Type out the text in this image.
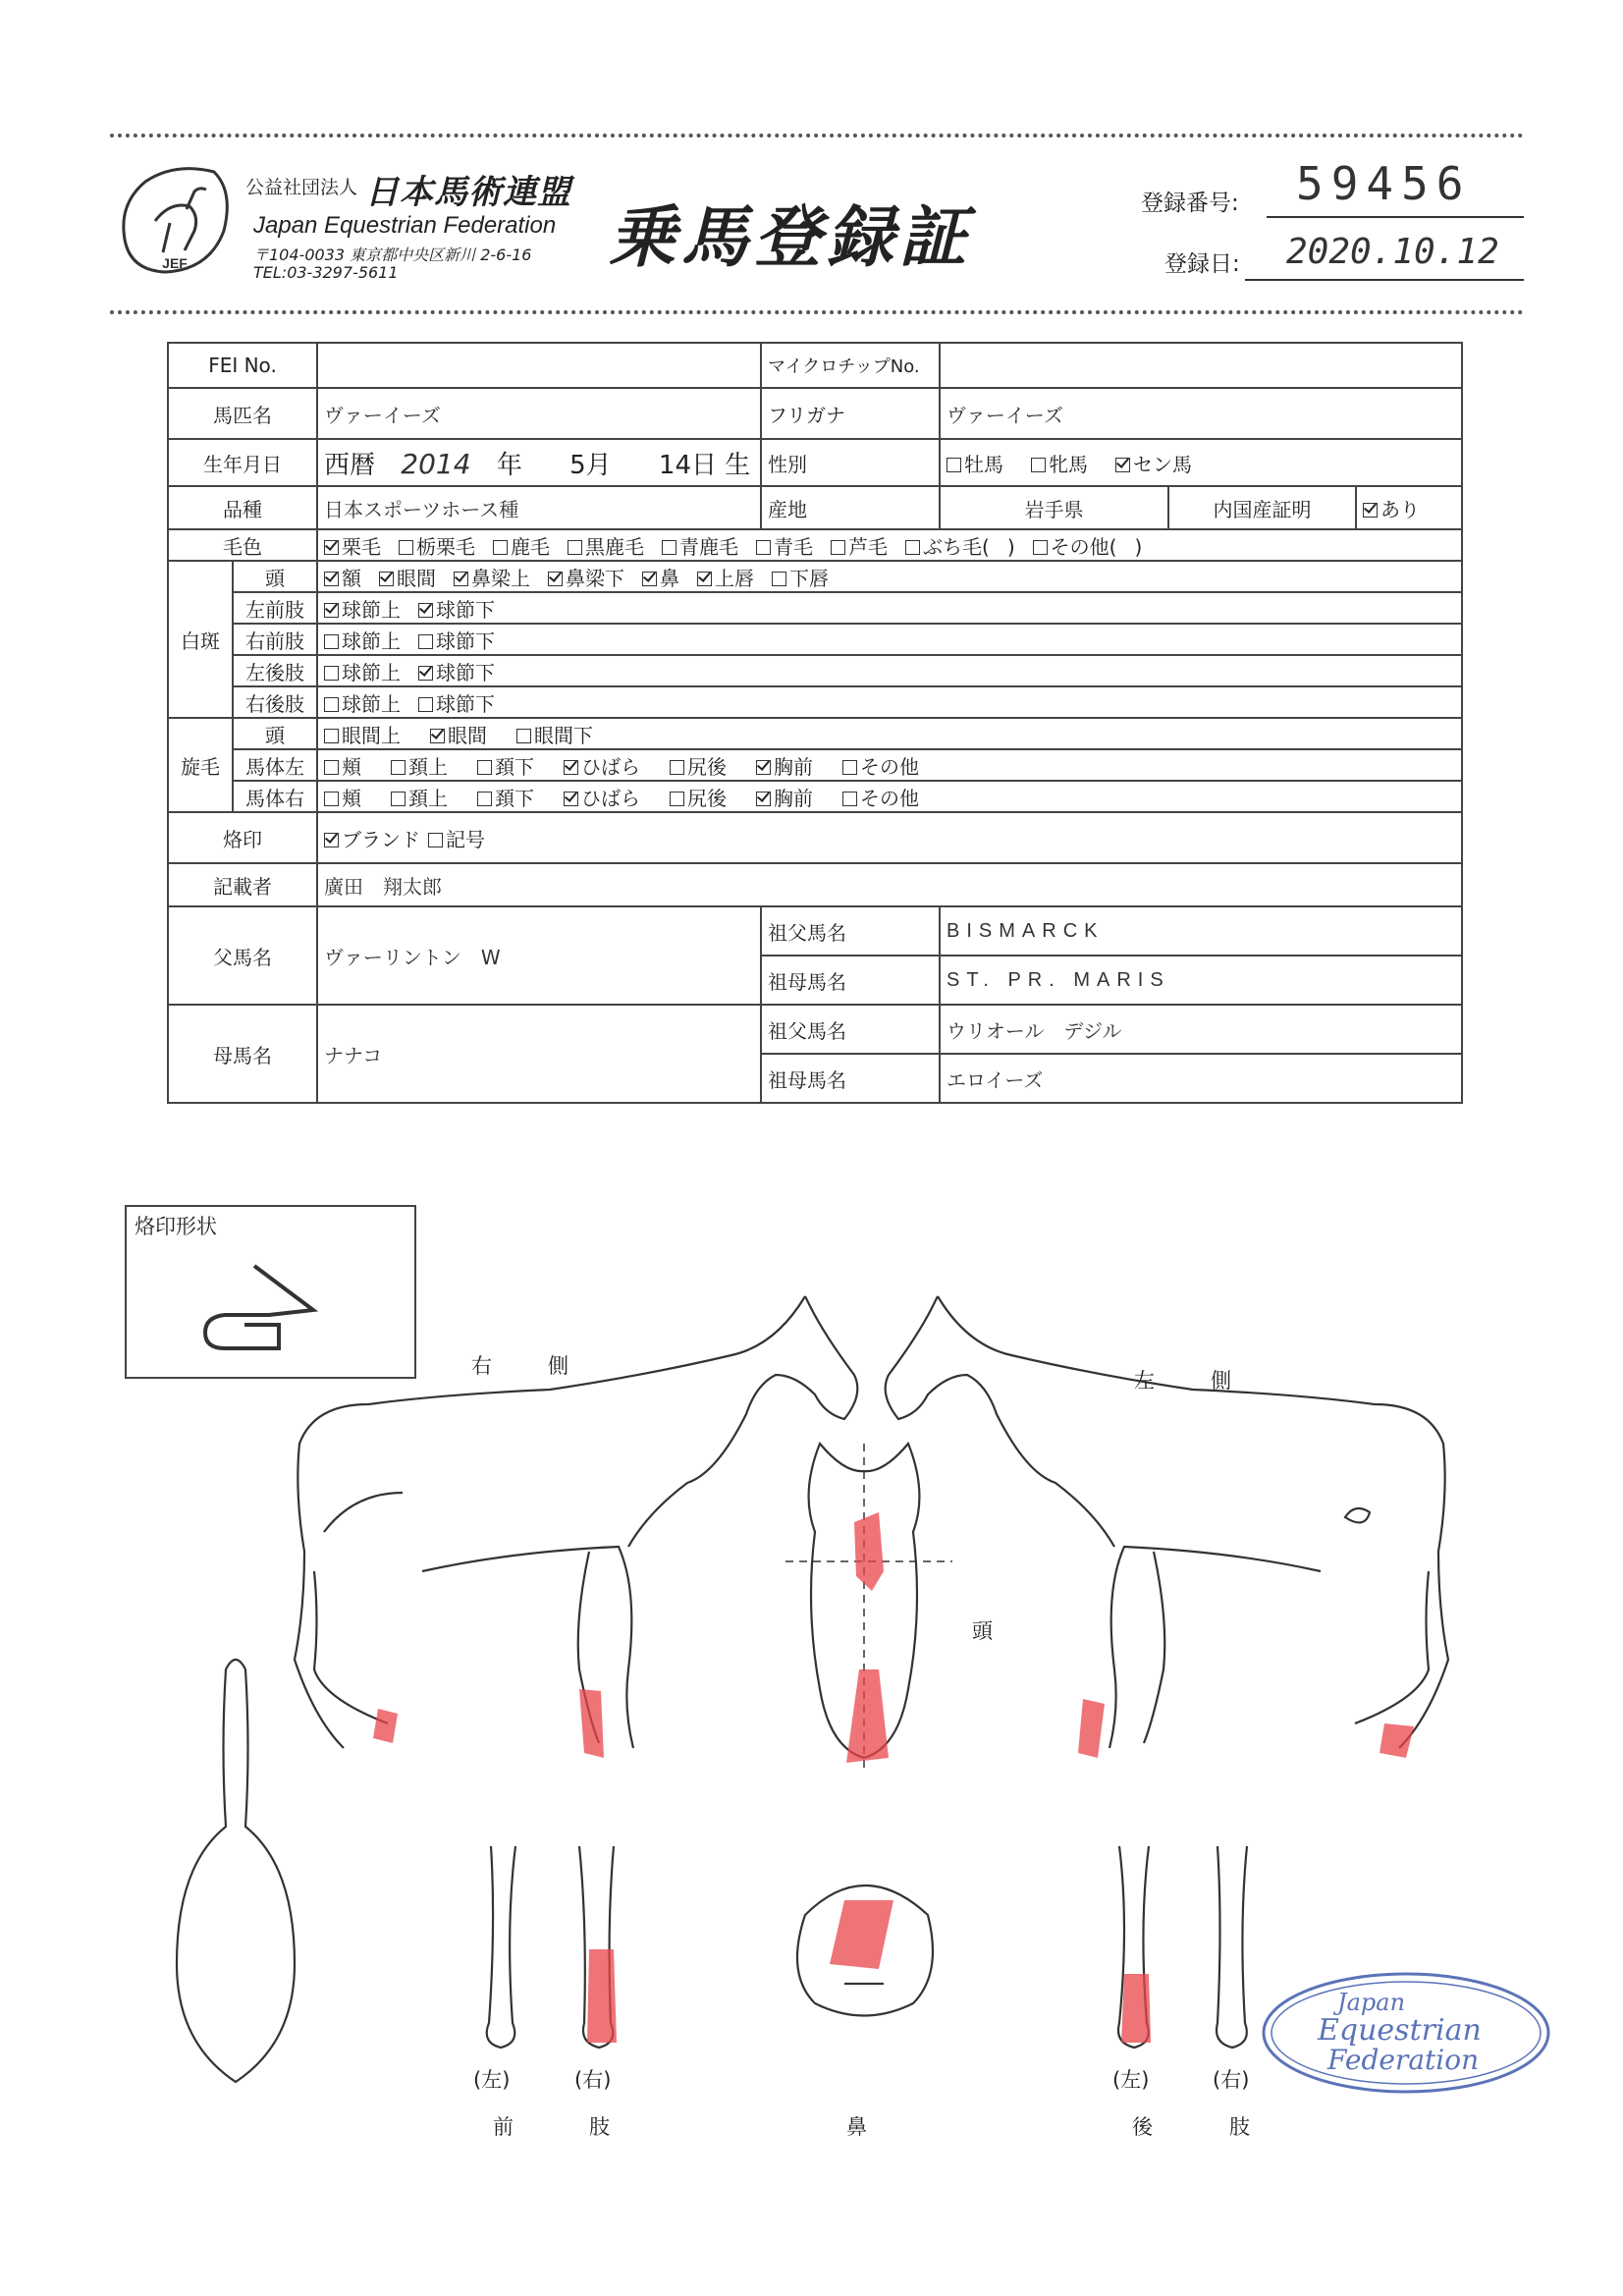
JEF
公益社団法人 日本馬術連盟
Japan Equestrian Federation
〒104-0033 東京都中央区新川 2-6-16
TEL:03-3297-5611	乗馬登録証	登録番号: 59456
登録日: 2020.10.12
FEI No.			マイクロチップNo.			
馬匹名		ヴァーイーズ	フリガナ	ヴァーイーズ		
生年月日		西暦 2014 年 5月 14日 生	性別	牡馬 牝馬 セン馬		
品種		日本スポーツホース種	産地	岩手県	内国産証明	あり
毛色		栗毛 栃栗毛 鹿毛 黒鹿毛 青鹿毛 青毛 芦毛 ぶち毛( ) その他( )				
白斑	頭	額 眼間 鼻梁上 鼻梁下 鼻 上唇 下唇				
	左前肢	球節上 球節下				
	右前肢	球節上 球節下				
	左後肢	球節上 球節下				
	右後肢	球節上 球節下				
旋毛	頭	眼間上 眼間 眼間下				
	馬体左	頬 頚上 頚下 ひばら 尻後 胸前 その他				
	馬体右	頬 頚上 頚下 ひばら 尻後 胸前 その他				
烙印		ブランド 記号				
記載者		廣田　翔太郎				
父馬名		ヴァーリントン　W	祖父馬名	BISMARCK		
			祖母馬名	ST. PR. MARIS		
母馬名		ナナコ	祖父馬名	ウリオール　デジル		
			祖母馬名	エロイーズ		
烙印形状
右　側
左　側
頭
鼻
(左)	(右)
前	肢
(左)	(右)
後	肢
Japan
Equestrian
Federation
